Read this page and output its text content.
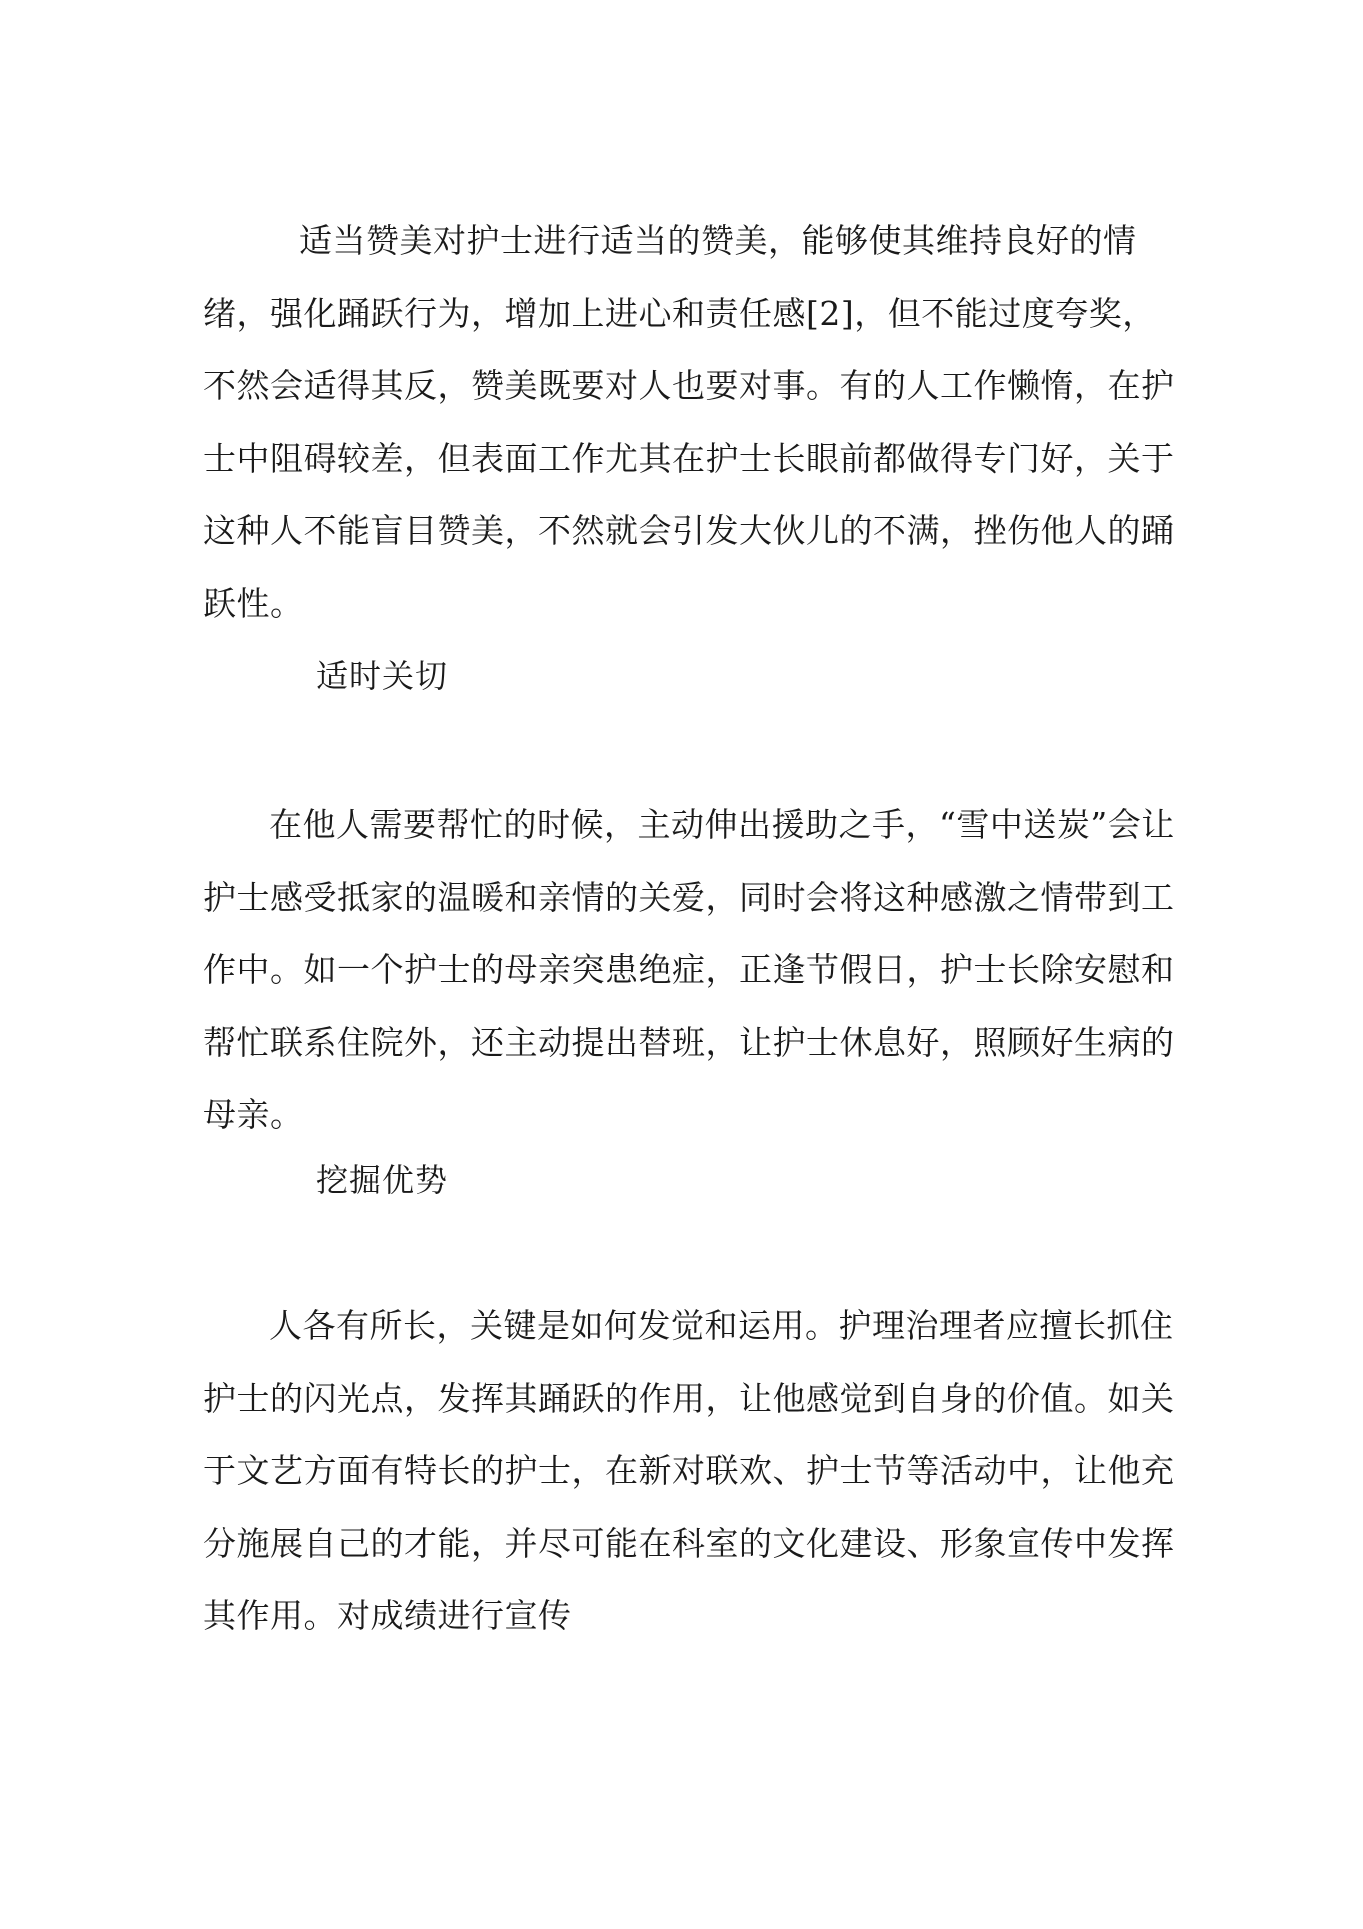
适当赞美对护士进行适当的赞美，能够使其维持良好的情绪，强化踊跃行为，增加上进心和责任感[2]，但不能过度夸奖，不然会适得其反，赞美既要对人也要对事。有的人工作懒惰，在护士中阻碍较差，但表面工作尤其在护士长眼前都做得专门好，关于这种人不能盲目赞美，不然就会引发大伙儿的不满，挫伤他人的踊跃性。

适时关切

在他人需要帮忙的时候，主动伸出援助之手，“雪中送炭”会让护士感受抵家的温暖和亲情的关爱，同时会将这种感激之情带到工作中。如一个护士的母亲突患绝症，正逢节假日，护士长除安慰和帮忙联系住院外，还主动提出替班，让护士休息好，照顾好生病的母亲。

挖掘优势

人各有所长，关键是如何发觉和运用。护理治理者应擅长抓住护士的闪光点，发挥其踊跃的作用，让他感觉到自身的价值。如关于文艺方面有特长的护士，在新对联欢、护士节等活动中，让他充分施展自己的才能，并尽可能在科室的文化建设、形象宣传中发挥其作用。对成绩进行宣传
